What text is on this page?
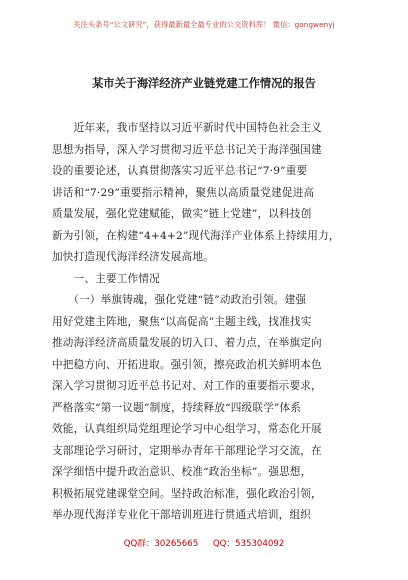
关注头条号“公文研究”，获得最新最全最专业的公文资料库！ 微信：gongwenyj
某市关于海洋经济产业链党建工作情况的报告
　　近年来，我市坚持以习近平新时代中国特色社会主义
思想为指导，深入学习贯彻习近平总书记关于海洋强国建
设的重要论述，认真贯彻落实习近平总书记“7·9”重要
讲话和“7·29”重要指示精神，聚焦以高质量党建促进高
质量发展，强化党建赋能，做实“链上党建”，以科技创
新为引领，在构建“4+4+2”现代海洋产业体系上持续用力，
加快打造现代海洋经济发展高地。
　　一、主要工作情况
　　（一）举旗铸魂，强化党建“链”动政治引领。建强
用好党建主阵地，聚焦“以高促高”主题主线，找准找实
推动海洋经济高质量发展的切入口、着力点，在举旗定向
中把稳方向、开拓进取。强引领，擦亮政治机关鲜明本色
深入学习贯彻习近平总书记对、对工作的重要指示要求，
严格落实“第一议题”制度，持续释放“四级联学”体系
效能，认真组织局党组理论学习中心组学习，常态化开展
支部理论学习研讨，定期举办青年干部理论学习交流，在
深学细悟中提升政治意识、校准“政治坐标”。强思想，
积极拓展党建课堂空间。坚持政治标准，强化政治引领，
举办现代海洋专业化干部培训班进行贯通式培训，组织
QQ群：30265665 QQ：535304092
